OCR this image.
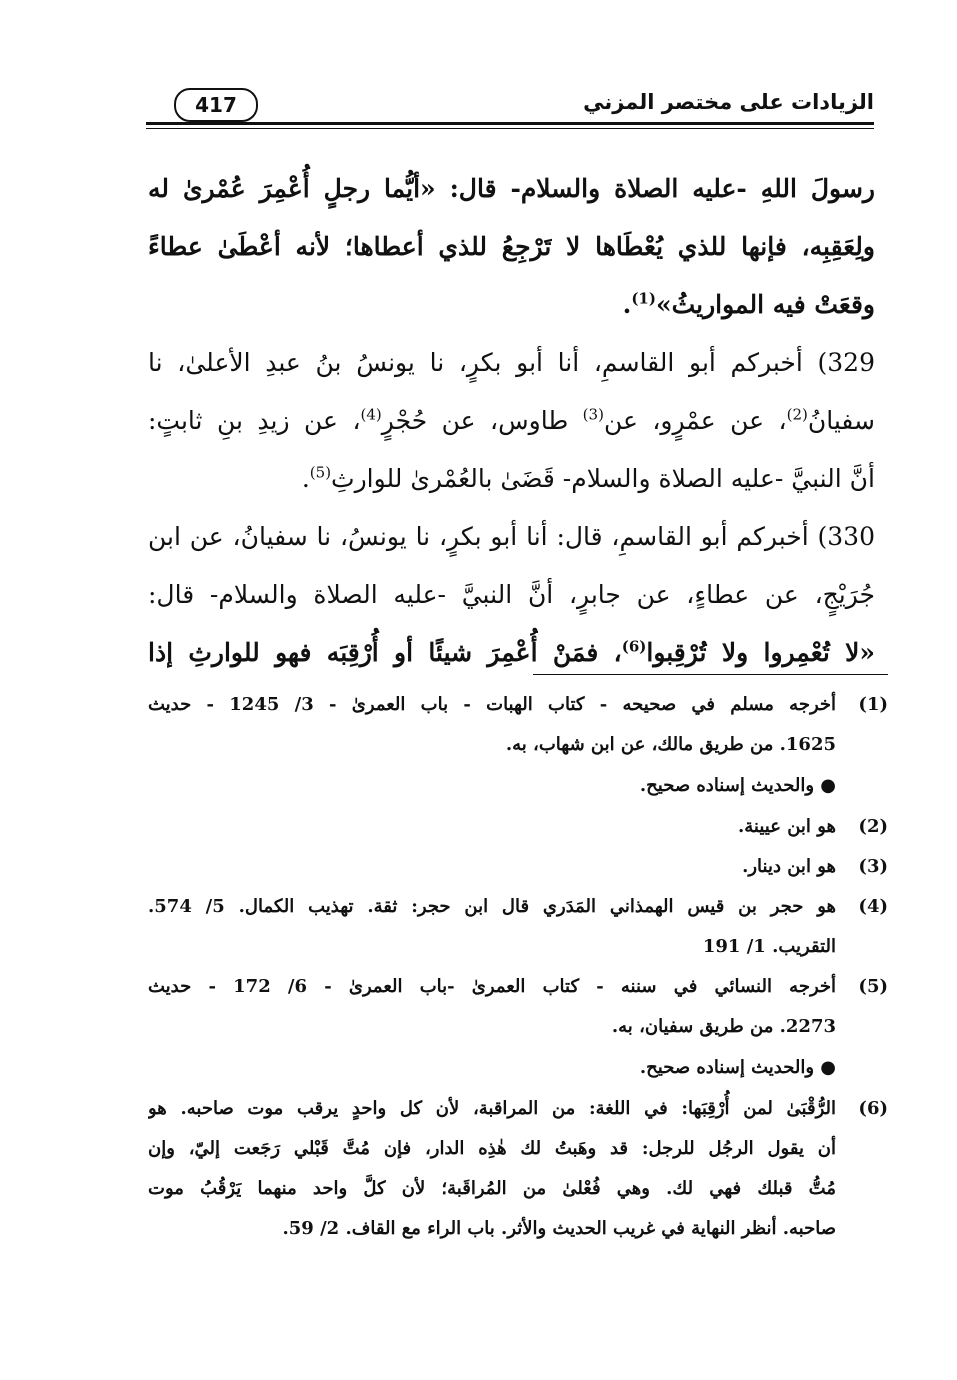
الزيادات على مختصر المزني
417
رسولَ اللهِ -عليه الصلاة والسلام- قال: «أيُّما رجلٍ أُعْمِرَ عُمْرىٰ له
ولِعَقِبِه، فإنها للذي يُعْطَاها لا تَرْجِعُ للذي أعطاها؛ لأنه أعْطَىٰ عطاءً
وقعَتْ فيه المواريثُ»$^{(1)}$.
329) أخبركم أبو القاسمِ، أنا أبو بكرٍ، نا يونسُ بنُ عبدِ الأعلىٰ، نا
سفيانُ$^{(2)}$، عن عمْرٍو، عن$^{(3)}$ طاوس، عن حُجْرٍ$^{(4)}$، عن زيدِ بنِ ثابتٍ:
أنَّ النبيَّ -عليه الصلاة والسلام- قَضَىٰ بالعُمْرىٰ للوارثِ$^{(5)}$.
330) أخبركم أبو القاسمِ، قال: أنا أبو بكرٍ، نا يونسُ، نا سفيانُ، عن ابن
جُرَيْجٍ، عن عطاءٍ، عن جابرٍ، أنَّ النبيَّ -عليه الصلاة والسلام- قال:
«لا تُعْمِروا ولا تُرْقِبوا$^{(6)}$، فمَنْ أُعْمِرَ شيئًا أو أُرْقِبَه فهو للوارثِ إذا
(1)
أخرجه مسلم في صحيحه - كتاب الهبات - باب العمرىٰ - 3/ 1245 - حديث
1625. من طريق مالك، عن ابن شهاب، به.
● والحديث إسناده صحيح.
(2)
هو ابن عيينة.
(3)
هو ابن دينار.
(4)
هو حجر بن قيس الهمذاني المَدَري قال ابن حجر: ثقة. تهذيب الكمال. 5/ 574.
التقريب. 1/ 191
(5)
أخرجه النسائي في سننه - كتاب العمرىٰ -باب العمرىٰ - 6/ 172 - حديث
2273. من طريق سفيان، به.
● والحديث إسناده صحيح.
(6)
الرُّقْبَىٰ لمن أُرْقِبَها: في اللغة: من المراقبة، لأن كل واحدٍ يرقب موت صاحبه. هو
أن يقول الرجُل للرجل: قد وهَبتُ لك هٰذِه الدار، فإن مُتَّ قَبْلي رَجَعت إليّ، وإن
مُتُّ قبلك فهي لك. وهي فُعْلىٰ من المُراقَبة؛ لأن كلَّ واحد منهما يَرْقُبُ موت
صاحبه. أنظر النهاية في غريب الحديث والأثر. باب الراء مع القاف. 2/ 59.
